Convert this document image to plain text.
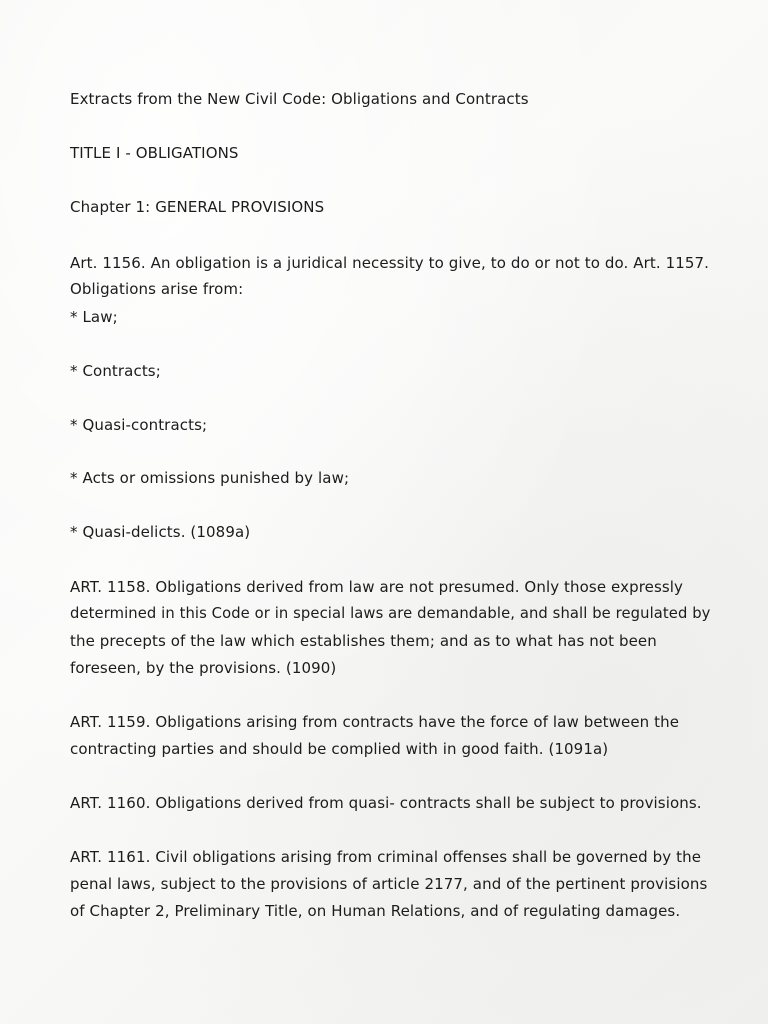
Extracts from the New Civil Code: Obligations and Contracts
TITLE I - OBLIGATIONS
Chapter 1: GENERAL PROVISIONS
Art. 1156. An obligation is a juridical necessity to give, to do or not to do. Art. 1157.
Obligations arise from:
* Law;
* Contracts;
* Quasi-contracts;
* Acts or omissions punished by law;
* Quasi-delicts. (1089a)
ART. 1158. Obligations derived from law are not presumed. Only those expressly
determined in this Code or in special laws are demandable, and shall be regulated by
the precepts of the law which establishes them; and as to what has not been
foreseen, by the provisions. (1090)
ART. 1159. Obligations arising from contracts have the force of law between the
contracting parties and should be complied with in good faith. (1091a)
ART. 1160. Obligations derived from quasi- contracts shall be subject to provisions.
ART. 1161. Civil obligations arising from criminal offenses shall be governed by the
penal laws, subject to the provisions of article 2177, and of the pertinent provisions
of Chapter 2, Preliminary Title, on Human Relations, and of regulating damages.
